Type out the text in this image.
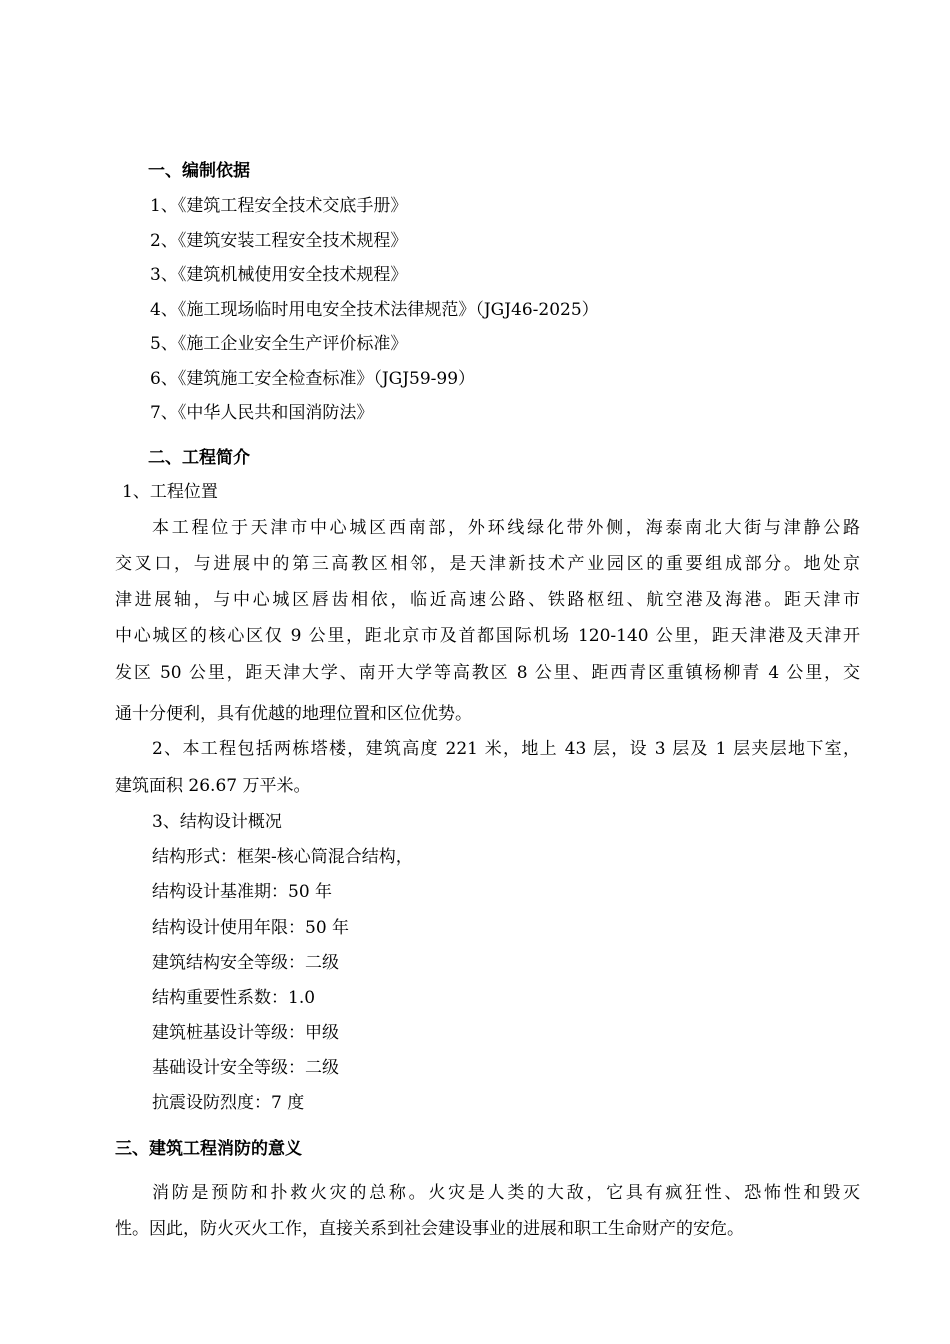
一、编制依据

1、《建筑工程安全技术交底手册》

2、《建筑安装工程安全技术规程》

3、《建筑机械使用安全技术规程》

4、《施工现场临时用电安全技术法律规范》（JGJ46-2025）

5、《施工企业安全生产评价标准》

6、《建筑施工安全检查标准》（JGJ59-99）

7、《中华人民共和国消防法》

二、工程简介

1、工程位置

本工程位于天津市中心城区西南部，外环线绿化带外侧，海泰南北大街与津静公路

交叉口，与进展中的第三高教区相邻，是天津新技术产业园区的重要组成部分。地处京

津进展轴，与中心城区唇齿相依，临近高速公路、铁路枢纽、航空港及海港。距天津市

中心城区的核心区仅 9 公里，距北京市及首都国际机场 120-140 公里，距天津港及天津开

发区 50 公里，距天津大学、南开大学等高教区 8 公里、距西青区重镇杨柳青 4 公里，交

通十分便利，具有优越的地理位置和区位优势。

2、本工程包括两栋塔楼，建筑高度 221 米，地上 43 层，设 3 层及 1 层夹层地下室，

建筑面积 26.67 万平米。

3、结构设计概况

结构形式：框架-核心筒混合结构，

结构设计基准期：50 年

结构设计使用年限：50 年

建筑结构安全等级：二级

结构重要性系数：1.0

建筑桩基设计等级：甲级

基础设计安全等级：二级

抗震设防烈度：7 度

三、建筑工程消防的意义

消防是预防和扑救火灾的总称。火灾是人类的大敌，它具有疯狂性、恐怖性和毁灭

性。因此，防火灭火工作，直接关系到社会建设事业的进展和职工生命财产的安危。
